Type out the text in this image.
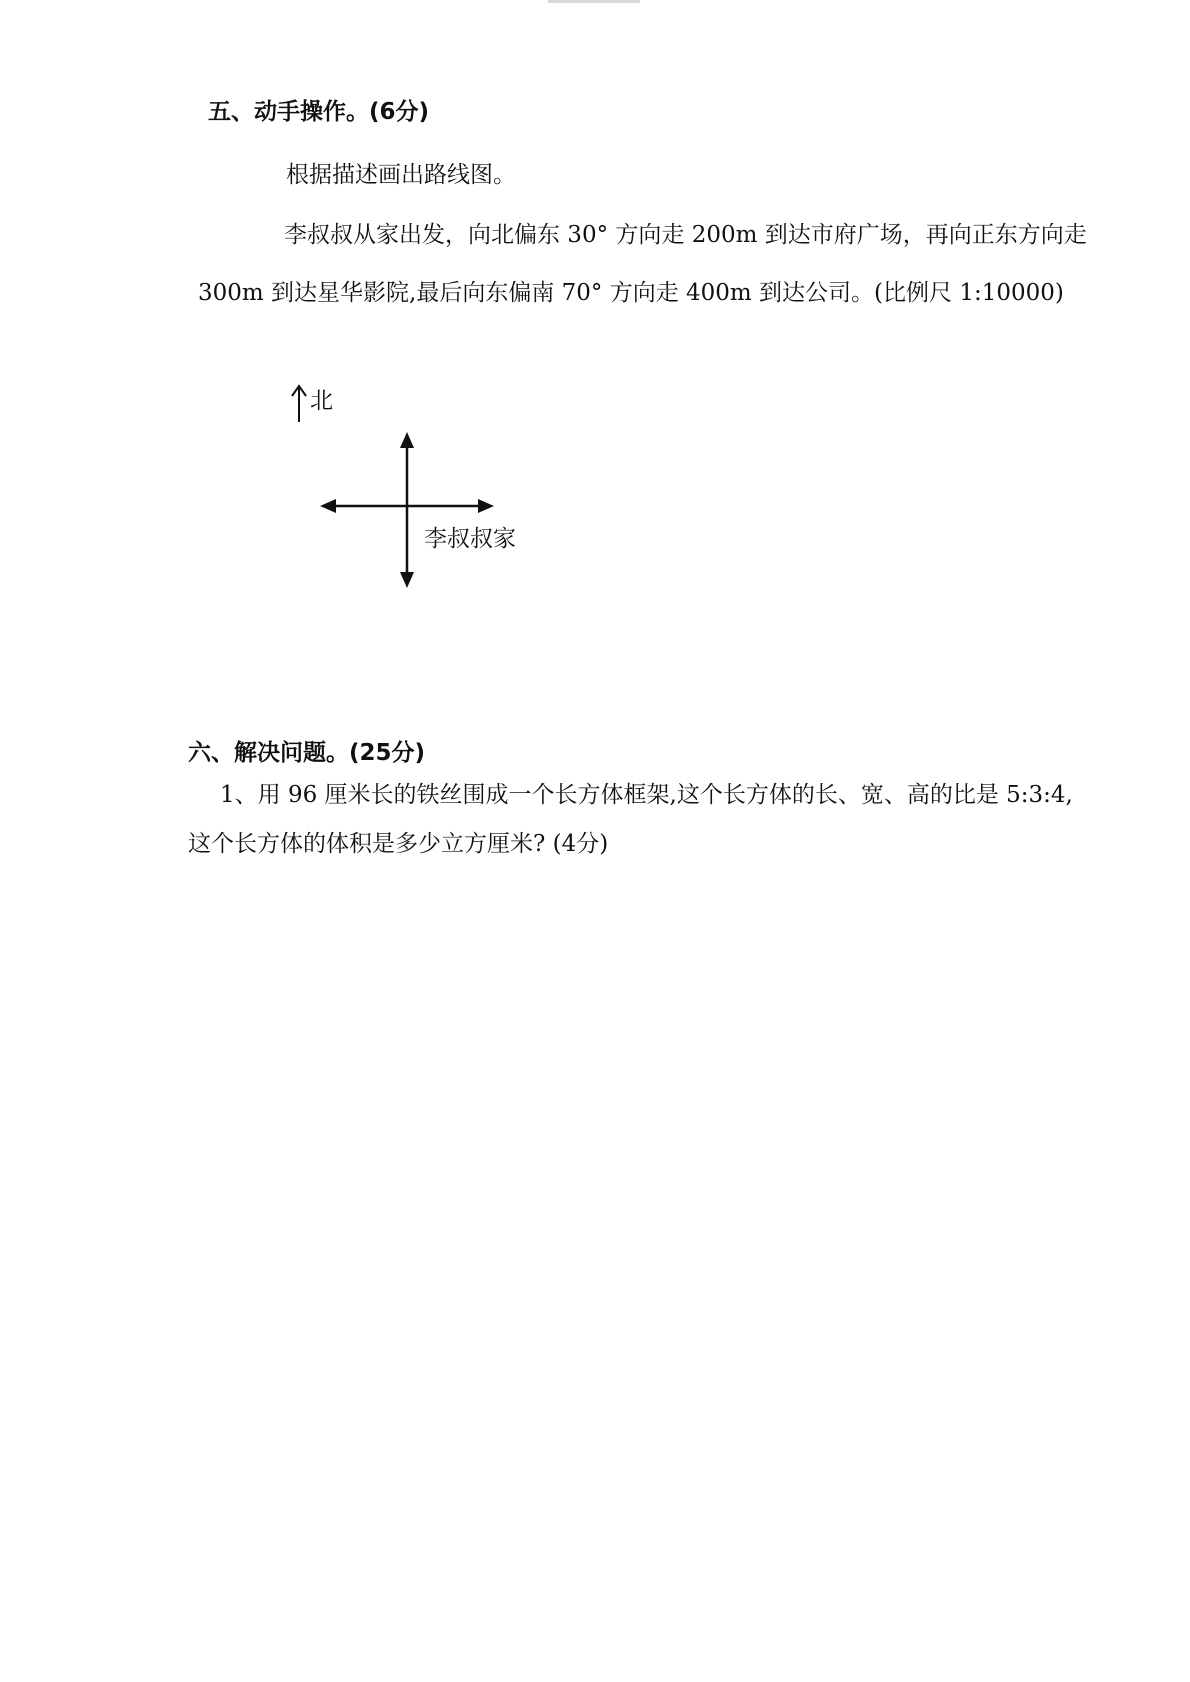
五、动手操作。(6分)
根据描述画出路线图。
李叔叔从家出发，向北偏东 30° 方向走 200m 到达市府广场，再向正东方向走
300m 到达星华影院,最后向东偏南 70° 方向走 400m 到达公司。(比例尺 1:10000)
北
李叔叔家
六、解决问题。(25分)
1、用 96 厘米长的铁丝围成一个长方体框架,这个长方体的长、宽、高的比是 5:3:4,
这个长方体的体积是多少立方厘米? (4分)
